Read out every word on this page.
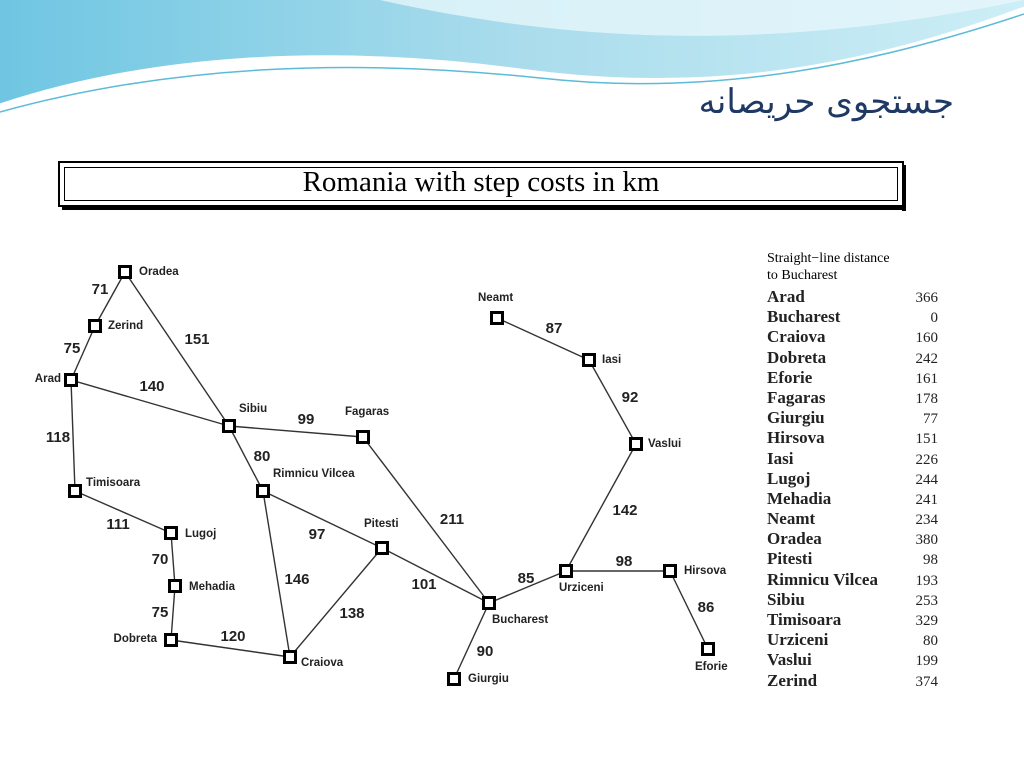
جستجوی حریصانه
Romania with step costs in km
71
75
151
140
118
111
70
75
120
99
80
97
146
138
211
101
90
85
98
86
142
92
87
Oradea
Zerind
Arad
Sibiu	Fagaras
Timisoara
Lugoj
Mehadia
Dobreta
Rimnicu Vilcea
Pitesti
Craiova
Bucharest
Giurgiu
Urziceni
Hirsova
Eforie
Vaslui
Iasi
Neamt
Straight−line distance
to Bucharest
Arad	366
Bucharest	0
Craiova	160
Dobreta	242
Eforie	161
Fagaras	178
Giurgiu	77
Hirsova	151
Iasi	226
Lugoj	244
Mehadia	241
Neamt	234
Oradea	380
Pitesti	98
Rimnicu Vilcea	193
Sibiu	253
Timisoara	329
Urziceni	80
Vaslui	199
Zerind	374
